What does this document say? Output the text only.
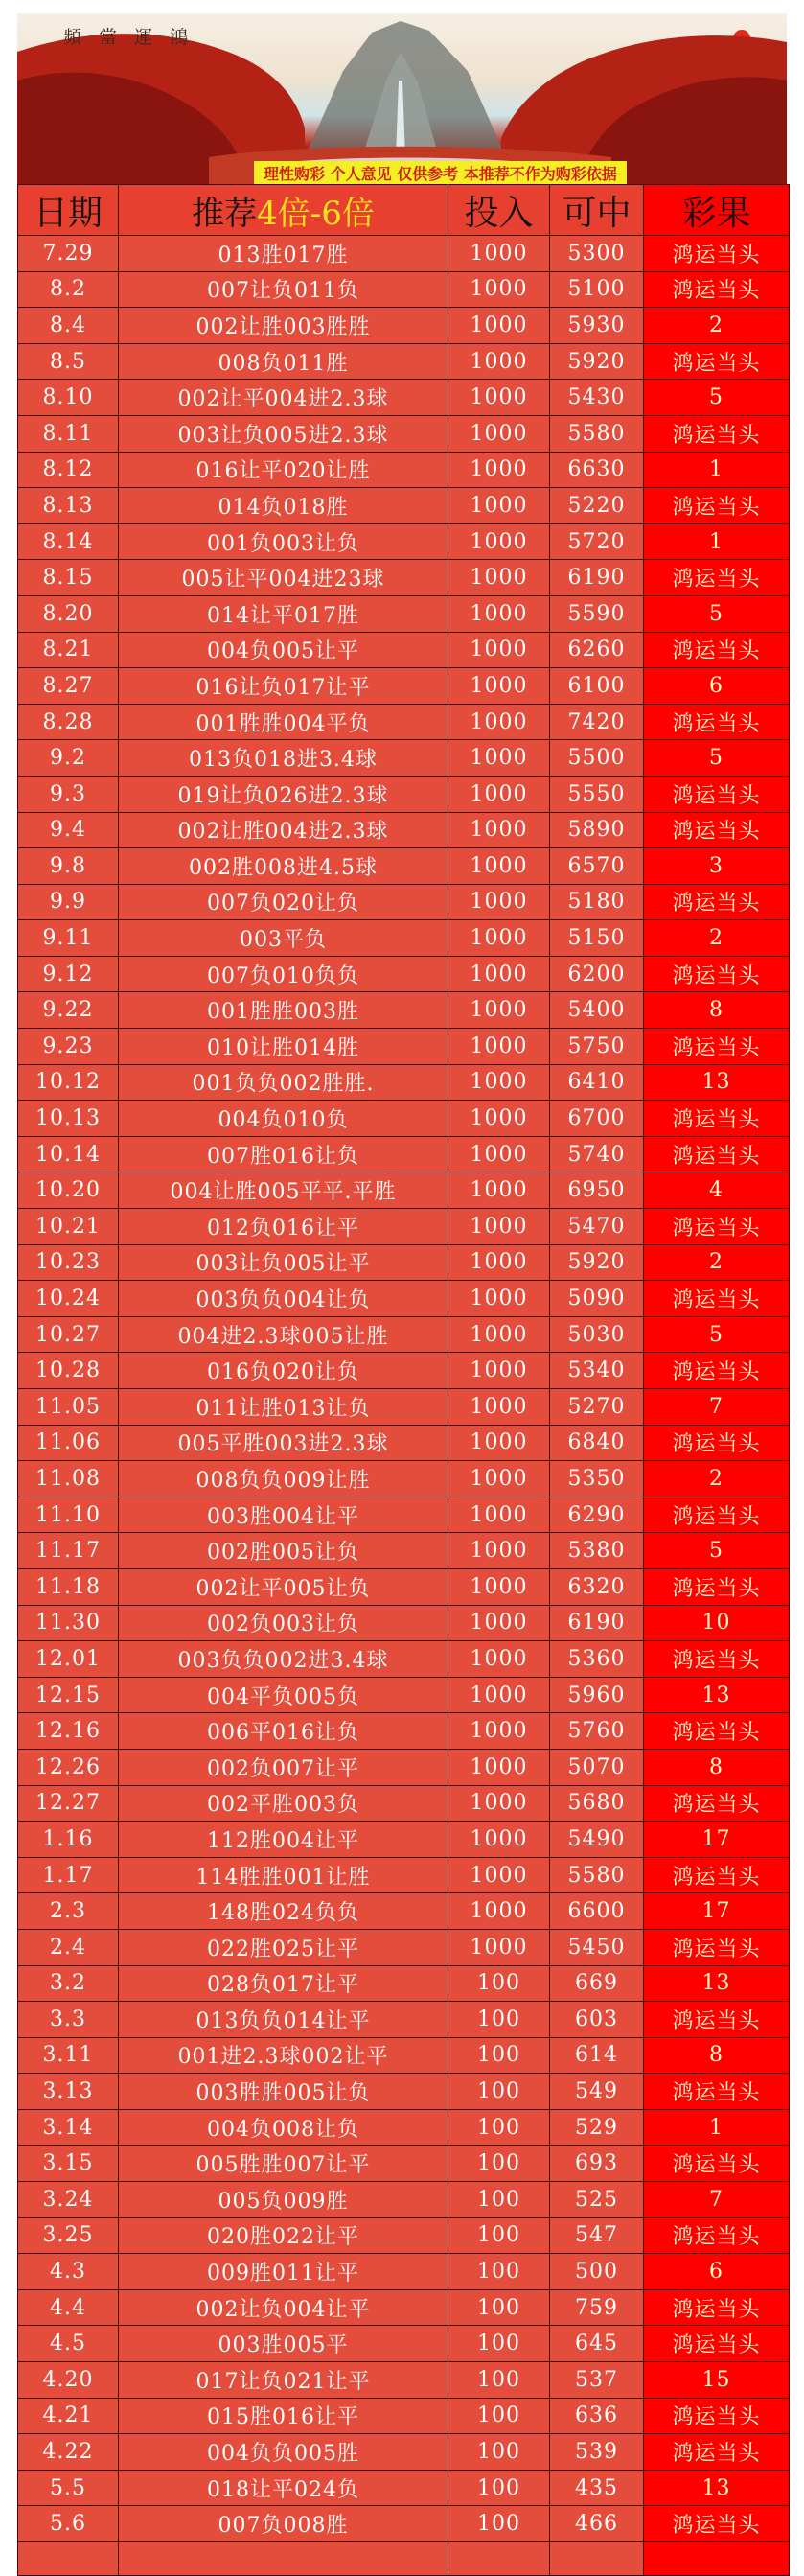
頻 當 運 鴻
理性购彩 个人意见 仅供参考 本推荐不作为购彩依据
日期	推荐4倍-6倍	投入	可中	彩果
7.29	013胜017胜	1000	5300	鸿运当头
8.2	007让负011负	1000	5100	鸿运当头
8.4	002让胜003胜胜	1000	5930	2
8.5	008负011胜	1000	5920	鸿运当头
8.10	002让平004进2.3球	1000	5430	5
8.11	003让负005进2.3球	1000	5580	鸿运当头
8.12	016让平020让胜	1000	6630	1
8.13	014负018胜	1000	5220	鸿运当头
8.14	001负003让负	1000	5720	1
8.15	005让平004进23球	1000	6190	鸿运当头
8.20	014让平017胜	1000	5590	5
8.21	004负005让平	1000	6260	鸿运当头
8.27	016让负017让平	1000	6100	6
8.28	001胜胜004平负	1000	7420	鸿运当头
9.2	013负018进3.4球	1000	5500	5
9.3	019让负026进2.3球	1000	5550	鸿运当头
9.4	002让胜004进2.3球	1000	5890	鸿运当头
9.8	002胜008进4.5球	1000	6570	3
9.9	007负020让负	1000	5180	鸿运当头
9.11	003平负	1000	5150	2
9.12	007负010负负	1000	6200	鸿运当头
9.22	001胜胜003胜	1000	5400	8
9.23	010让胜014胜	1000	5750	鸿运当头
10.12	001负负002胜胜.	1000	6410	13
10.13	004负010负	1000	6700	鸿运当头
10.14	007胜016让负	1000	5740	鸿运当头
10.20	004让胜005平平.平胜	1000	6950	4
10.21	012负016让平	1000	5470	鸿运当头
10.23	003让负005让平	1000	5920	2
10.24	003负负004让负	1000	5090	鸿运当头
10.27	004进2.3球005让胜	1000	5030	5
10.28	016负020让负	1000	5340	鸿运当头
11.05	011让胜013让负	1000	5270	7
11.06	005平胜003进2.3球	1000	6840	鸿运当头
11.08	008负负009让胜	1000	5350	2
11.10	003胜004让平	1000	6290	鸿运当头
11.17	002胜005让负	1000	5380	5
11.18	002让平005让负	1000	6320	鸿运当头
11.30	002负003让负	1000	6190	10
12.01	003负负002进3.4球	1000	5360	鸿运当头
12.15	004平负005负	1000	5960	13
12.16	006平016让负	1000	5760	鸿运当头
12.26	002负007让平	1000	5070	8
12.27	002平胜003负	1000	5680	鸿运当头
1.16	112胜004让平	1000	5490	17
1.17	114胜胜001让胜	1000	5580	鸿运当头
2.3	148胜024负负	1000	6600	17
2.4	022胜025让平	1000	5450	鸿运当头
3.2	028负017让平	100	669	13
3.3	013负负014让平	100	603	鸿运当头
3.11	001进2.3球002让平	100	614	8
3.13	003胜胜005让负	100	549	鸿运当头
3.14	004负008让负	100	529	1
3.15	005胜胜007让平	100	693	鸿运当头
3.24	005负009胜	100	525	7
3.25	020胜022让平	100	547	鸿运当头
4.3	009胜011让平	100	500	6
4.4	002让负004让平	100	759	鸿运当头
4.5	003胜005平	100	645	鸿运当头
4.20	017让负021让平	100	537	15
4.21	015胜016让平	100	636	鸿运当头
4.22	004负负005胜	100	539	鸿运当头
5.5	018让平024负	100	435	13
5.6	007负008胜	100	466	鸿运当头
